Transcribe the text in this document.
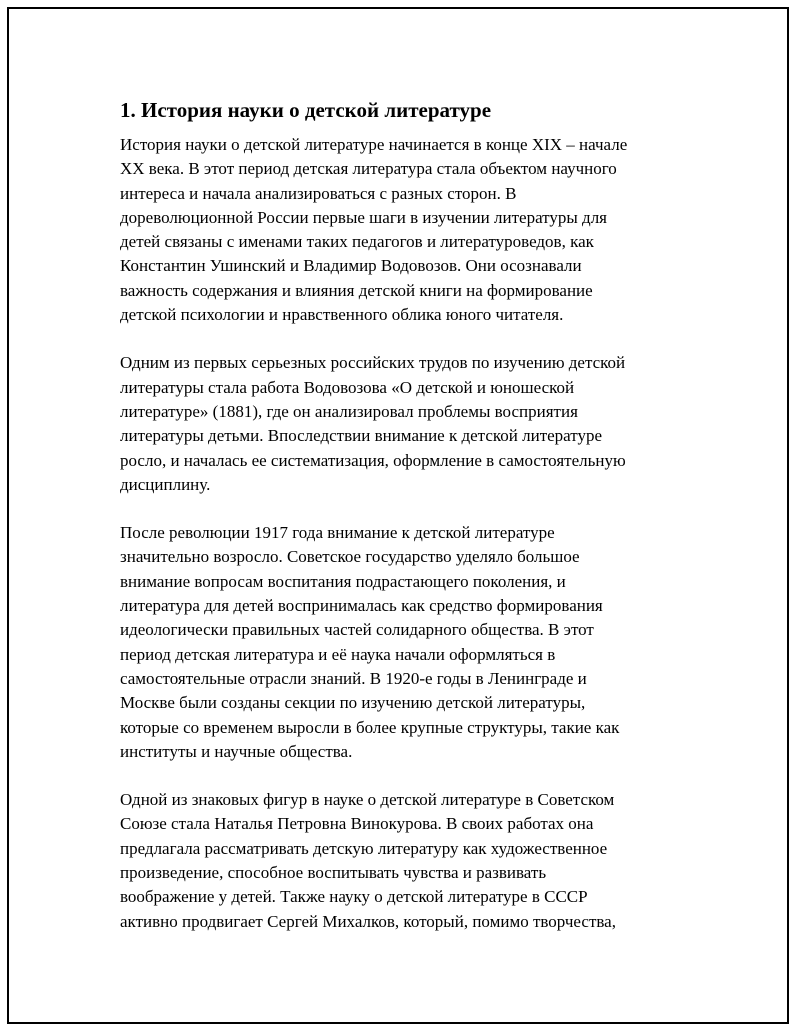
1. История науки о детской литературе

История науки о детской литературе начинается в конце XIX – начале
XX века. В этот период детская литература стала объектом научного
интереса и начала анализироваться с разных сторон. В
дореволюционной России первые шаги в изучении литературы для
детей связаны с именами таких педагогов и литературоведов, как
Константин Ушинский и Владимир Водовозов. Они осознавали
важность содержания и влияния детской книги на формирование
детской психологии и нравственного облика юного читателя.

Одним из первых серьезных российских трудов по изучению детской
литературы стала работа Водовозова «О детской и юношеской
литературе» (1881), где он анализировал проблемы восприятия
литературы детьми. Впоследствии внимание к детской литературе
росло, и началась ее систематизация, оформление в самостоятельную
дисциплину.

После революции 1917 года внимание к детской литературе
значительно возросло. Советское государство уделяло большое
внимание вопросам воспитания подрастающего поколения, и
литература для детей воспринималась как средство формирования
идеологически правильных частей солидарного общества. В этот
период детская литература и её наука начали оформляться в
самостоятельные отрасли знаний. В 1920-е годы в Ленинграде и
Москве были созданы секции по изучению детской литературы,
которые со временем выросли в более крупные структуры, такие как
институты и научные общества.

Одной из знаковых фигур в науке о детской литературе в Советском
Союзе стала Наталья Петровна Винокурова. В своих работах она
предлагала рассматривать детскую литературу как художественное
произведение, способное воспитывать чувства и развивать
воображение у детей. Также науку о детской литературе в СССР
активно продвигает Сергей Михалков, который, помимо творчества,
